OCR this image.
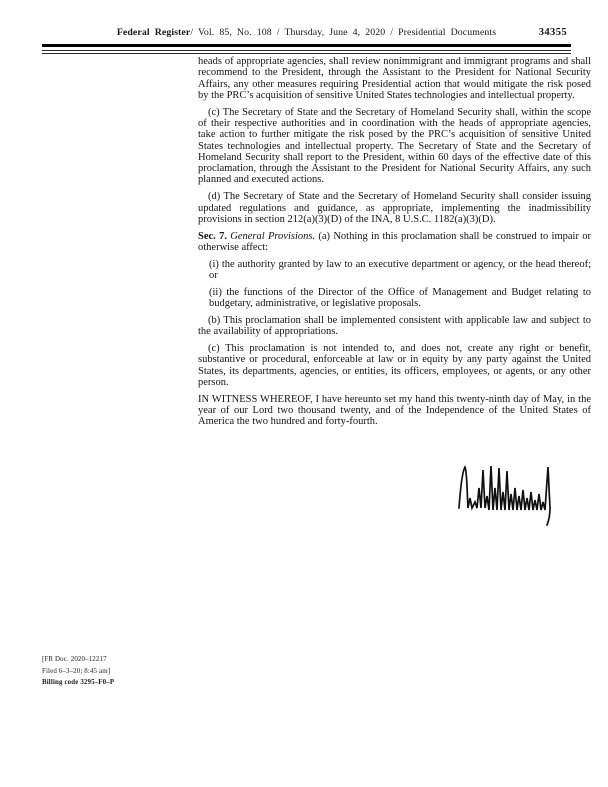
Federal Register/ Vol. 85, No. 108 / Thursday, June 4, 2020 / Presidential Documents	34355

heads of appropriate agencies, shall review nonimmigrant and immigrant programs and shall recommend to the President, through the Assistant to the President for National Security Affairs, any other measures requiring Presidential action that would mitigate the risk posed by the PRC’s acquisition of sensitive United States technologies and intellectual property.

(c) The Secretary of State and the Secretary of Homeland Security shall, within the scope of their respective authorities and in coordination with the heads of appropriate agencies, take action to further mitigate the risk posed by the PRC’s acquisition of sensitive United States technologies and intellectual property. The Secretary of State and the Secretary of Homeland Security shall report to the President, within 60 days of the effective date of this proclamation, through the Assistant to the President for National Security Affairs, any such planned and executed actions.

(d) The Secretary of State and the Secretary of Homeland Security shall consider issuing updated regulations and guidance, as appropriate, implementing the inadmissibility provisions in section 212(a)(3)(D) of the INA, 8 U.S.C. 1182(a)(3)(D).

Sec. 7. General Provisions. (a) Nothing in this proclamation shall be construed to impair or otherwise affect:

(i) the authority granted by law to an executive department or agency, or the head thereof; or

(ii) the functions of the Director of the Office of Management and Budget relating to budgetary, administrative, or legislative proposals.

(b) This proclamation shall be implemented consistent with applicable law and subject to the availability of appropriations.

(c) This proclamation is not intended to, and does not, create any right or benefit, substantive or procedural, enforceable at law or in equity by any party against the United States, its departments, agencies, or entities, its officers, employees, or agents, or any other person.

IN WITNESS WHEREOF, I have hereunto set my hand this twenty-ninth day of May, in the year of our Lord two thousand twenty, and of the Independence of the United States of America the two hundred and forty-fourth.

[FR Doc. 2020–12217
Filed 6–3–20; 8:45 am]
Billing code 3295–F0–P
